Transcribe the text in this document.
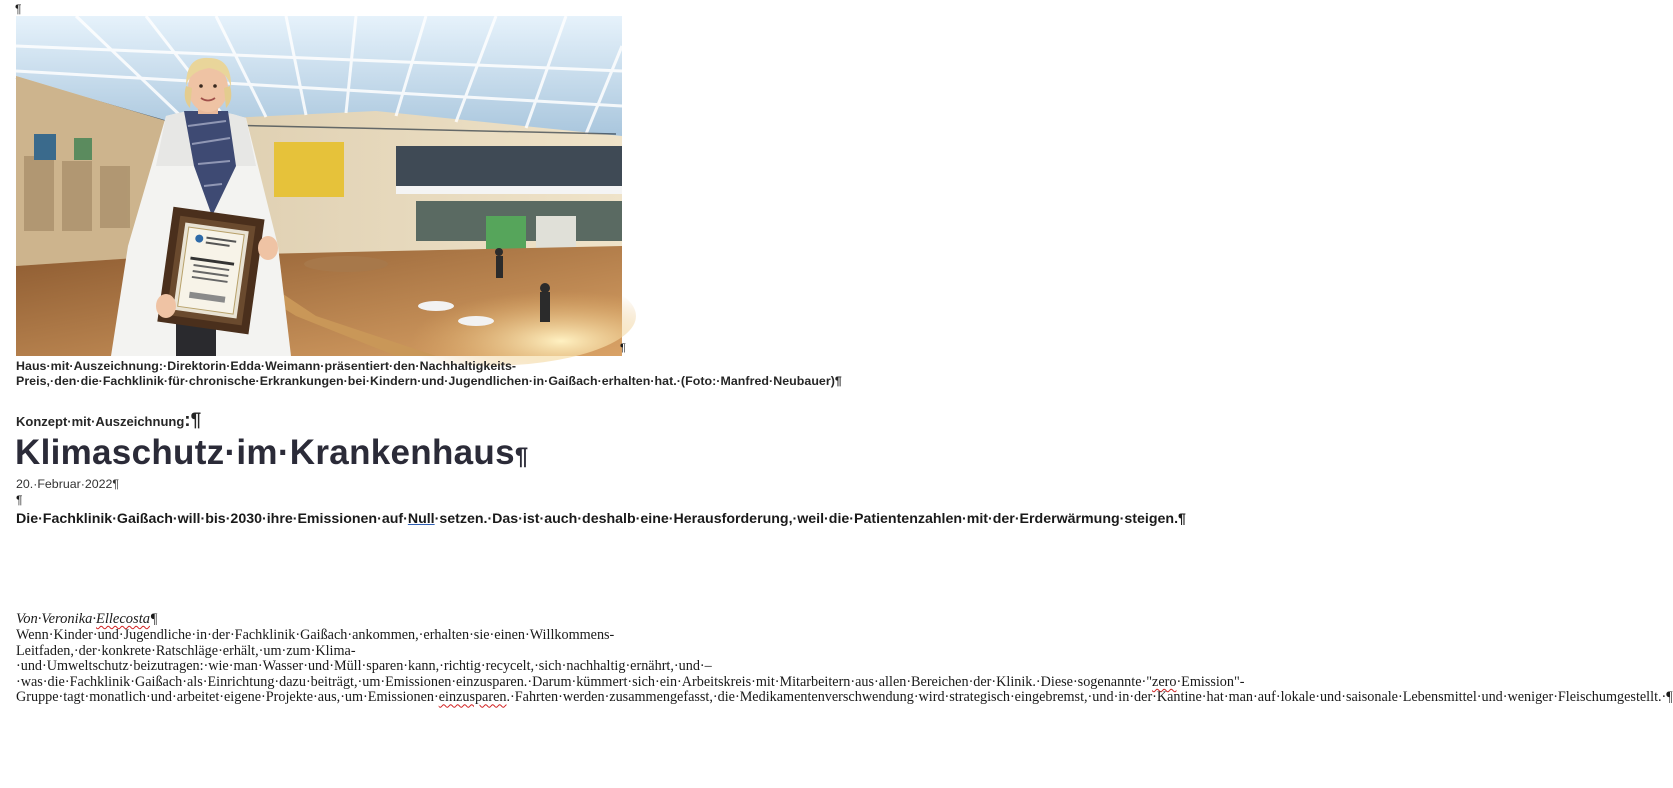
¶
¶
Haus·mit·Auszeichnung:·Direktorin·Edda·Weimann·präsentiert·den·Nachhaltigkeits-Preis,·den·die·Fachklinik·für·chronische·Erkrankungen·bei·Kindern·und·Jugendlichen·in·Gaißach·erhalten·hat.·(Foto:·Manfred·Neubauer)¶
Konzept·mit·Auszeichnung:¶
Klimaschutz·im·Krankenhaus¶
20.·Februar·2022¶
¶
Die·Fachklinik·Gaißach·will·bis·2030·ihre·Emissionen·auf·Null·setzen.·Das·ist·auch·deshalb·eine·Herausforderung,·weil·die·Patientenzahlen·mit·der·Erderwärmung·steigen.¶
Von·Veronika·Ellecosta¶
Wenn·Kinder·und·Jugendliche·in·der·Fachklinik·Gaißach·ankommen,·erhalten·sie·einen·Willkommens-Leitfaden,·der·konkrete·Ratschläge·erhält,·um·zum·Klima-·und·Umweltschutz·beizutragen:·wie·man·Wasser·und·Müll·sparen·kann,·richtig·recycelt,·sich·nachhaltig·ernährt,·und·–·was·die·Fachklinik·Gaißach·als·Einrichtung·dazu·beiträgt,·um·Emissionen·einzusparen.·Darum·kümmert·sich·ein·Arbeitskreis·mit·Mitarbeitern·aus·allen·Bereichen·der·Klinik.·Diese·sogenannte·"zero·Emission"-Gruppe·tagt·monatlich·und·arbeitet·eigene·Projekte·aus,·um·Emissionen·einzusparen.·Fahrten·werden·zusammengefasst,·die·Medikamentenverschwendung·wird·strategisch·eingebremst,·und·in·der·Kantine·hat·man·auf·lokale·und·saisonale·Lebensmittel·und·weniger·Fleischumgestellt.·¶
